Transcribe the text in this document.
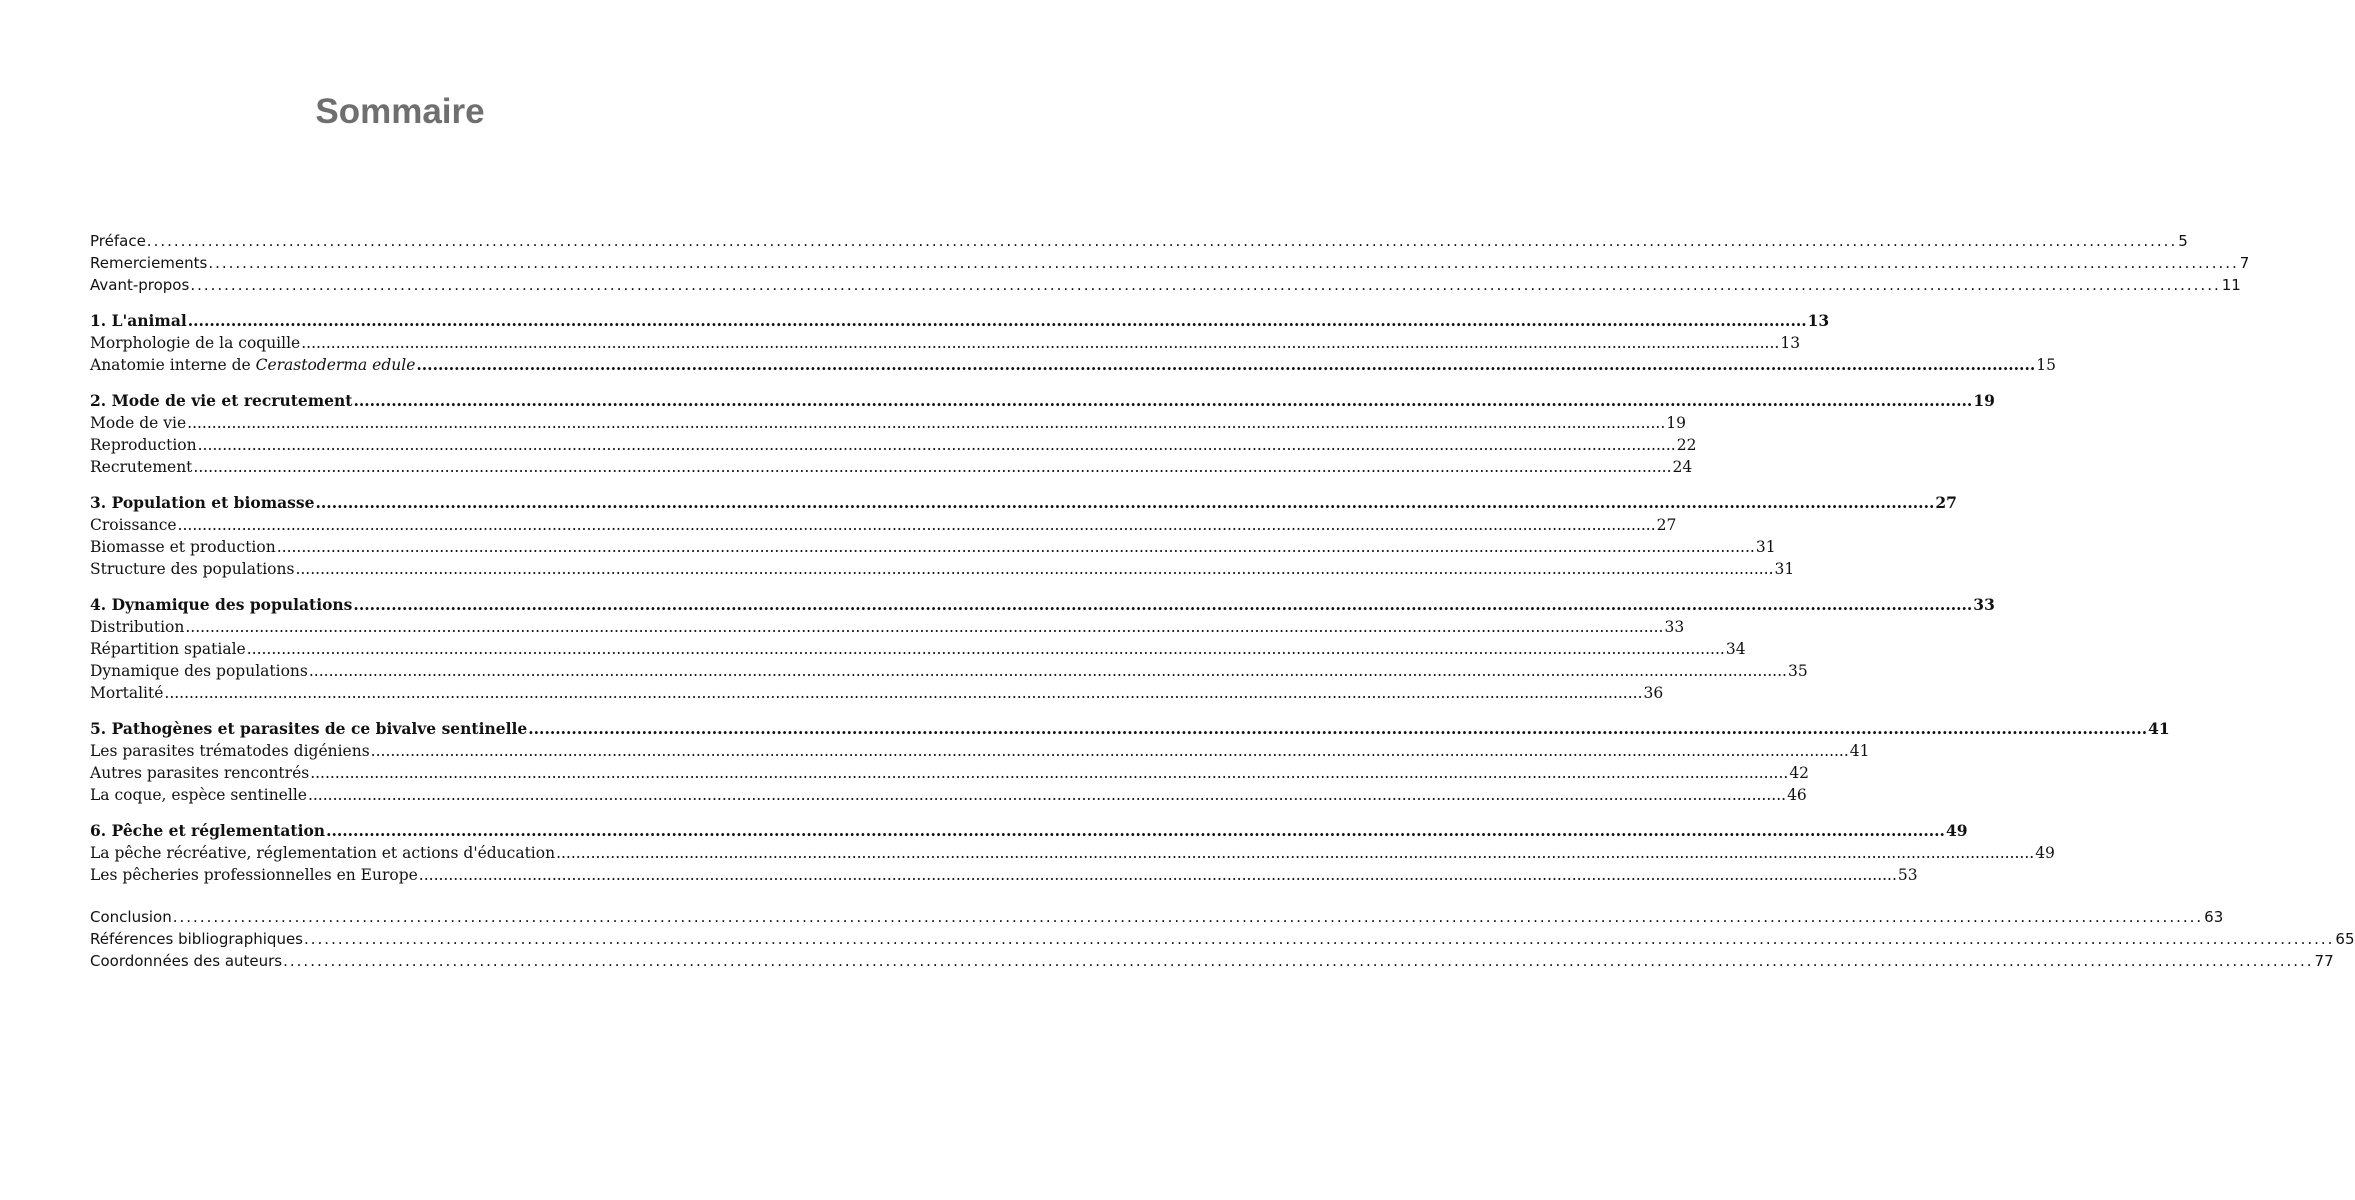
Sommaire
Préface ............................................................................................................................................................................................................................................................................................................ 5
Remerciements ............................................................................................................................................................................................................................................................................................................ 7
Avant-propos ............................................................................................................................................................................................................................................................................................................ 11
1. L'animal ............................................................................................................................................................................................................................................................................................................ 13
Morphologie de la coquille ............................................................................................................................................................................................................................................................................................................ 13
Anatomie interne de Cerastoderma edule ............................................................................................................................................................................................................................................................................................................ 15
2. Mode de vie et recrutement ............................................................................................................................................................................................................................................................................................................ 19
Mode de vie ............................................................................................................................................................................................................................................................................................................ 19
Reproduction ............................................................................................................................................................................................................................................................................................................ 22
Recrutement ............................................................................................................................................................................................................................................................................................................ 24
3. Population et biomasse ............................................................................................................................................................................................................................................................................................................ 27
Croissance ............................................................................................................................................................................................................................................................................................................ 27
Biomasse et production ............................................................................................................................................................................................................................................................................................................ 31
Structure des populations ............................................................................................................................................................................................................................................................................................................ 31
4. Dynamique des populations ............................................................................................................................................................................................................................................................................................................ 33
Distribution ............................................................................................................................................................................................................................................................................................................ 33
Répartition spatiale ............................................................................................................................................................................................................................................................................................................ 34
Dynamique des populations ............................................................................................................................................................................................................................................................................................................ 35
Mortalité ............................................................................................................................................................................................................................................................................................................ 36
5. Pathogènes et parasites de ce bivalve sentinelle ............................................................................................................................................................................................................................................................................................................ 41
Les parasites trématodes digéniens ............................................................................................................................................................................................................................................................................................................ 41
Autres parasites rencontrés ............................................................................................................................................................................................................................................................................................................ 42
La coque, espèce sentinelle ............................................................................................................................................................................................................................................................................................................ 46
6. Pêche et réglementation ............................................................................................................................................................................................................................................................................................................ 49
La pêche récréative, réglementation et actions d'éducation ............................................................................................................................................................................................................................................................................................................ 49
Les pêcheries professionnelles en Europe ............................................................................................................................................................................................................................................................................................................ 53
Conclusion ............................................................................................................................................................................................................................................................................................................ 63
Références bibliographiques ............................................................................................................................................................................................................................................................................................................ 65
Coordonnées des auteurs ............................................................................................................................................................................................................................................................................................................ 77
